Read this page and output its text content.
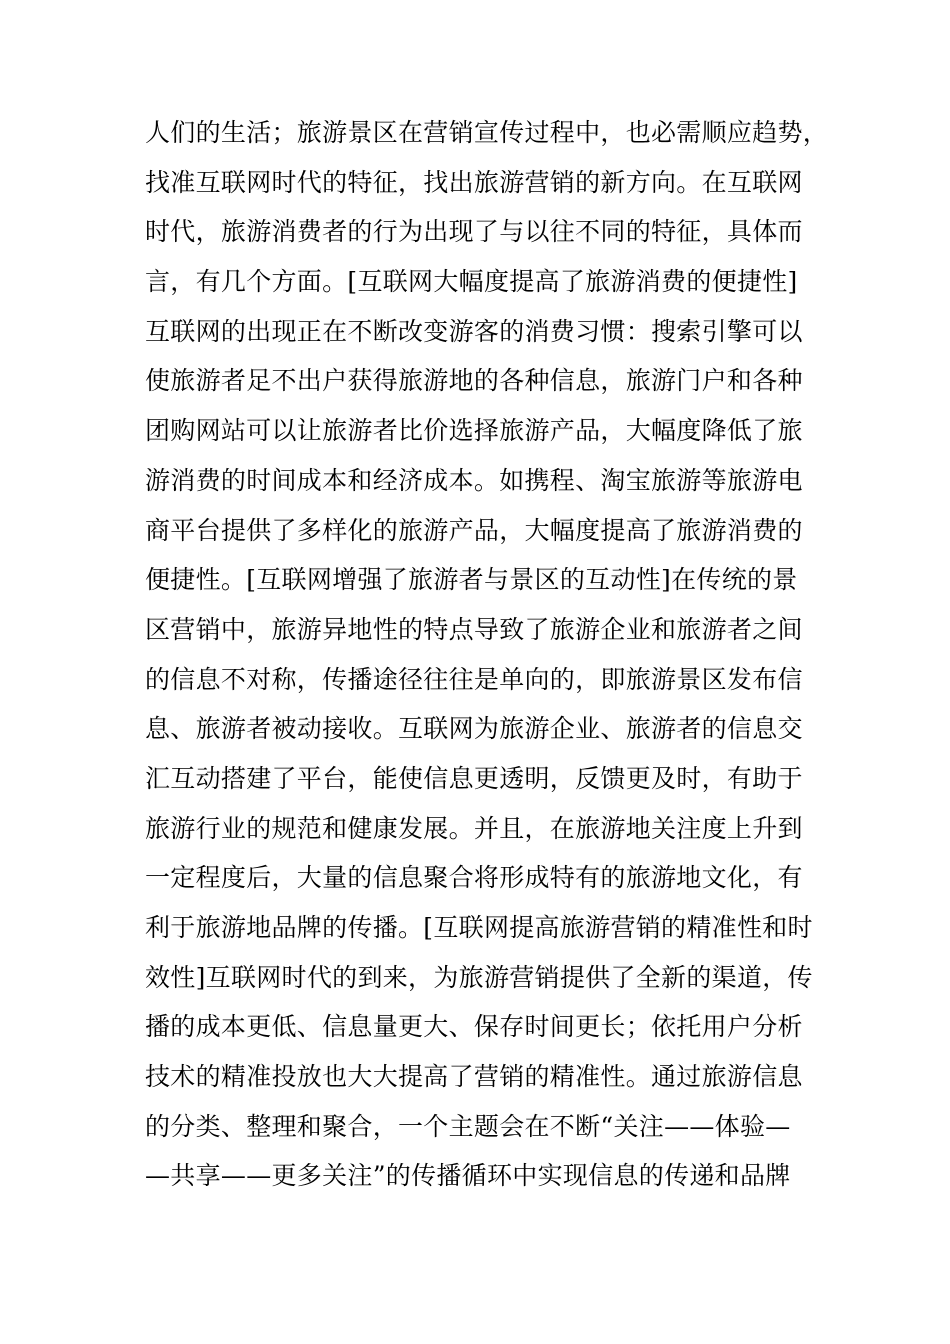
人们的生活；旅游景区在营销宣传过程中，也必需顺应趋势，
找准互联网时代的特征，找出旅游营销的新方向。在互联网
时代，旅游消费者的行为出现了与以往不同的特征，具体而
言，有几个方面。[互联网大幅度提高了旅游消费的便捷性]
互联网的出现正在不断改变游客的消费习惯：搜索引擎可以
使旅游者足不出户获得旅游地的各种信息，旅游门户和各种
团购网站可以让旅游者比价选择旅游产品，大幅度降低了旅
游消费的时间成本和经济成本。如携程、淘宝旅游等旅游电
商平台提供了多样化的旅游产品，大幅度提高了旅游消费的
便捷性。[互联网增强了旅游者与景区的互动性]在传统的景
区营销中，旅游异地性的特点导致了旅游企业和旅游者之间
的信息不对称，传播途径往往是单向的，即旅游景区发布信
息、旅游者被动接收。互联网为旅游企业、旅游者的信息交
汇互动搭建了平台，能使信息更透明，反馈更及时，有助于
旅游行业的规范和健康发展。并且，在旅游地关注度上升到
一定程度后，大量的信息聚合将形成特有的旅游地文化，有
利于旅游地品牌的传播。[互联网提高旅游营销的精准性和时
效性]互联网时代的到来，为旅游营销提供了全新的渠道，传
播的成本更低、信息量更大、保存时间更长；依托用户分析
技术的精准投放也大大提高了营销的精准性。通过旅游信息
的分类、整理和聚合，一个主题会在不断“关注——体验—
—共享——更多关注”的传播循环中实现信息的传递和品牌
